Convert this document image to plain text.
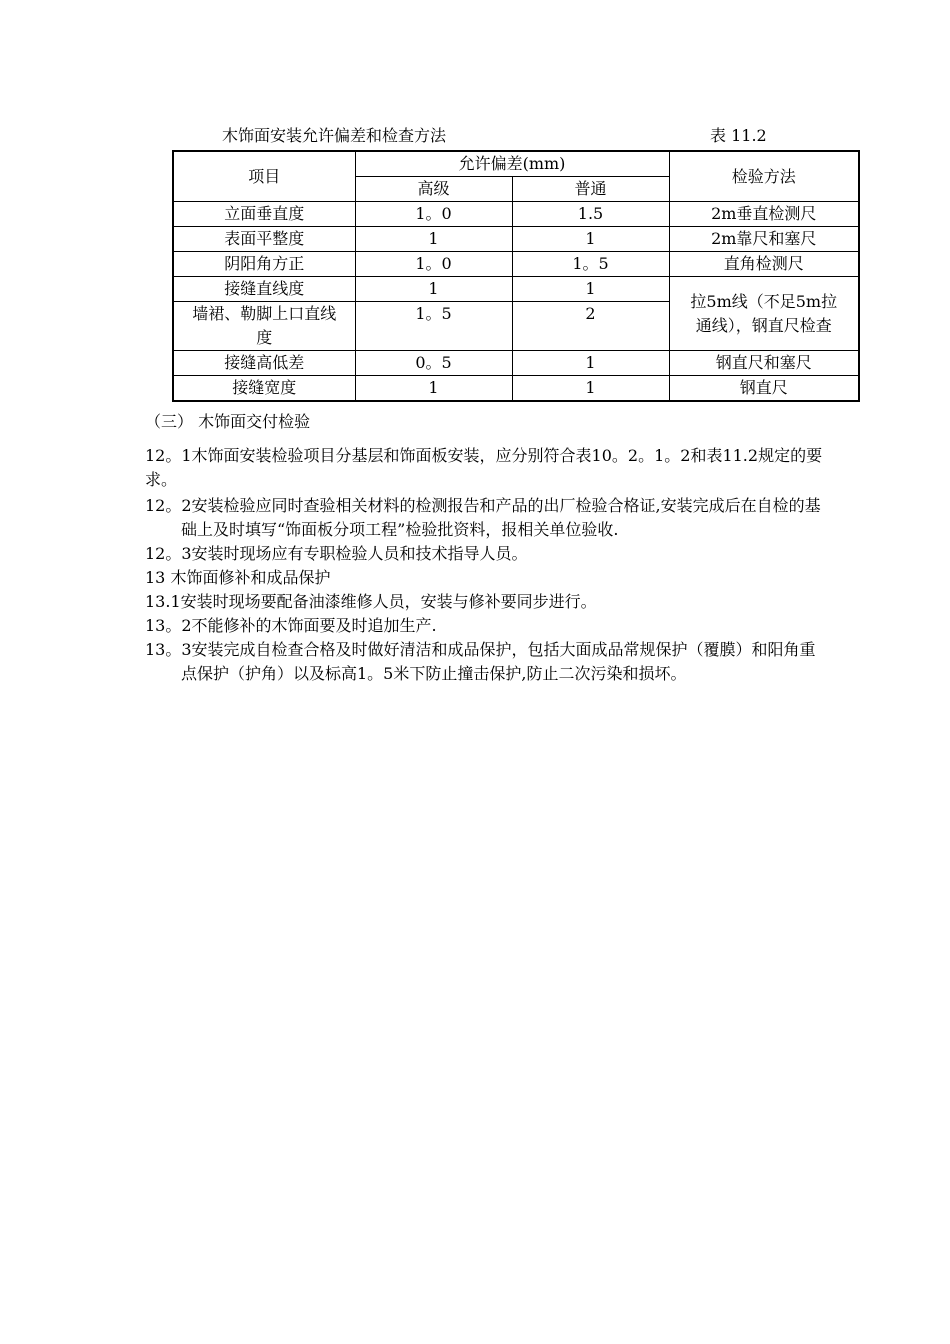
木饰面安装允许偏差和检查方法	表 11.2
项目	允许偏差(mm)		检验方法
	高级	普通	
立面垂直度	1。0	1.5	2m垂直检测尺
表面平整度	1	1	2m靠尺和塞尺
阴阳角方正	1。0	1。5	直角检测尺
接缝直线度	1	1	拉5m线（不足5m拉通线），钢直尺检查
墙裙、勒脚上口直线度	1。5	2	
接缝高低差	0。5	1	钢直尺和塞尺
接缝宽度	1	1	钢直尺

（三） 木饰面交付检验

12。1木饰面安装检验项目分基层和饰面板安装，应分别符合表10。2。1。2和表11.2规定的要求。

12。2安装检验应同时查验相关材料的检测报告和产品的出厂检验合格证,安装完成后在自检的基础上及时填写“饰面板分项工程”检验批资料，报相关单位验收.

12。3安装时现场应有专职检验人员和技术指导人员。

13 木饰面修补和成品保护

13.1安装时现场要配备油漆维修人员，安装与修补要同步进行。

13。2不能修补的木饰面要及时追加生产.

13。3安装完成自检查合格及时做好清洁和成品保护，包括大面成品常规保护（覆膜）和阳角重点保护（护角）以及标高1。5米下防止撞击保护,防止二次污染和损坏。
